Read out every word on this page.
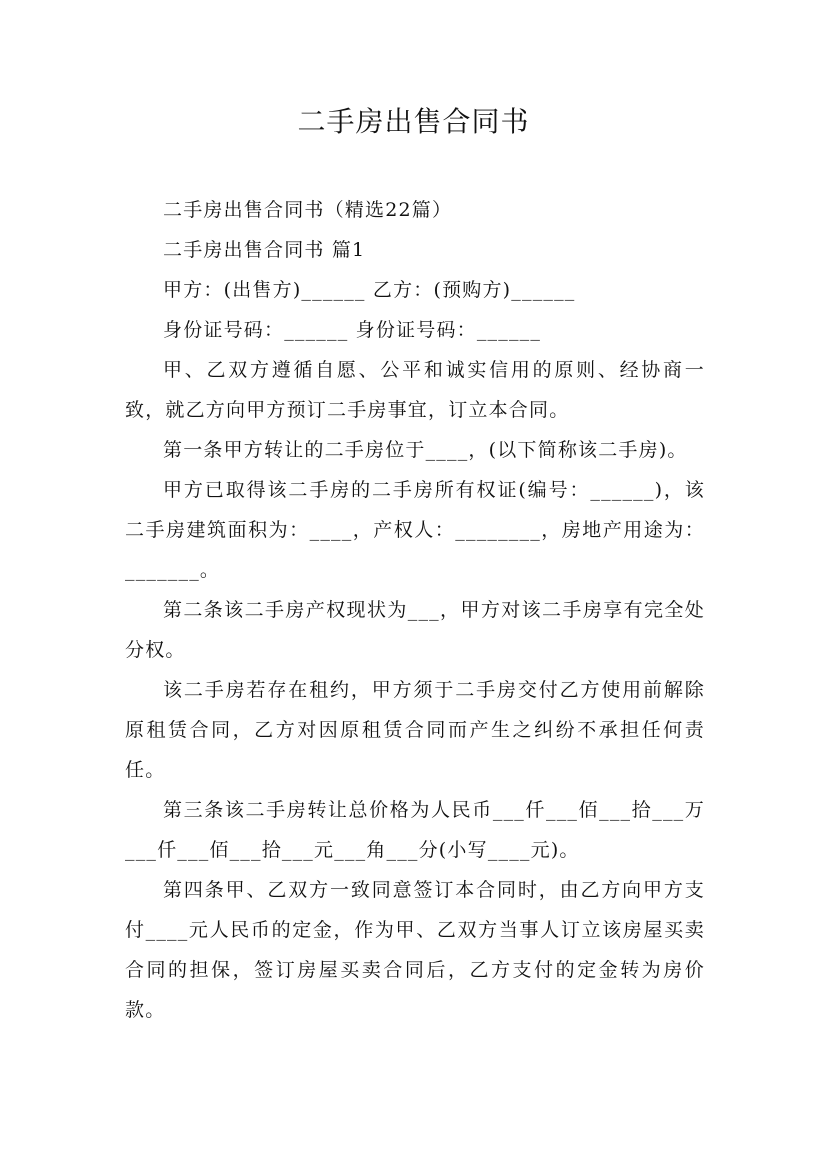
二手房出售合同书

二手房出售合同书（精选22篇）

二手房出售合同书 篇1

甲方：(出售方)______ 乙方：(预购方)______

身份证号码：______ 身份证号码：______

甲、乙双方遵循自愿、公平和诚实信用的原则、经协商一致，就乙方向甲方预订二手房事宜，订立本合同。

第一条甲方转让的二手房位于____，(以下简称该二手房)。

甲方已取得该二手房的二手房所有权证(编号：______)，该二手房建筑面积为：____，产权人：________，房地产用途为：_______。

第二条该二手房产权现状为___，甲方对该二手房享有完全处分权。

该二手房若存在租约，甲方须于二手房交付乙方使用前解除原租赁合同，乙方对因原租赁合同而产生之纠纷不承担任何责任。

第三条该二手房转让总价格为人民币___仟___佰___拾___万___仟___佰___拾___元___角___分(小写____元)。

第四条甲、乙双方一致同意签订本合同时，由乙方向甲方支付____元人民币的定金，作为甲、乙双方当事人订立该房屋买卖合同的担保，签订房屋买卖合同后，乙方支付的定金转为房价款。
